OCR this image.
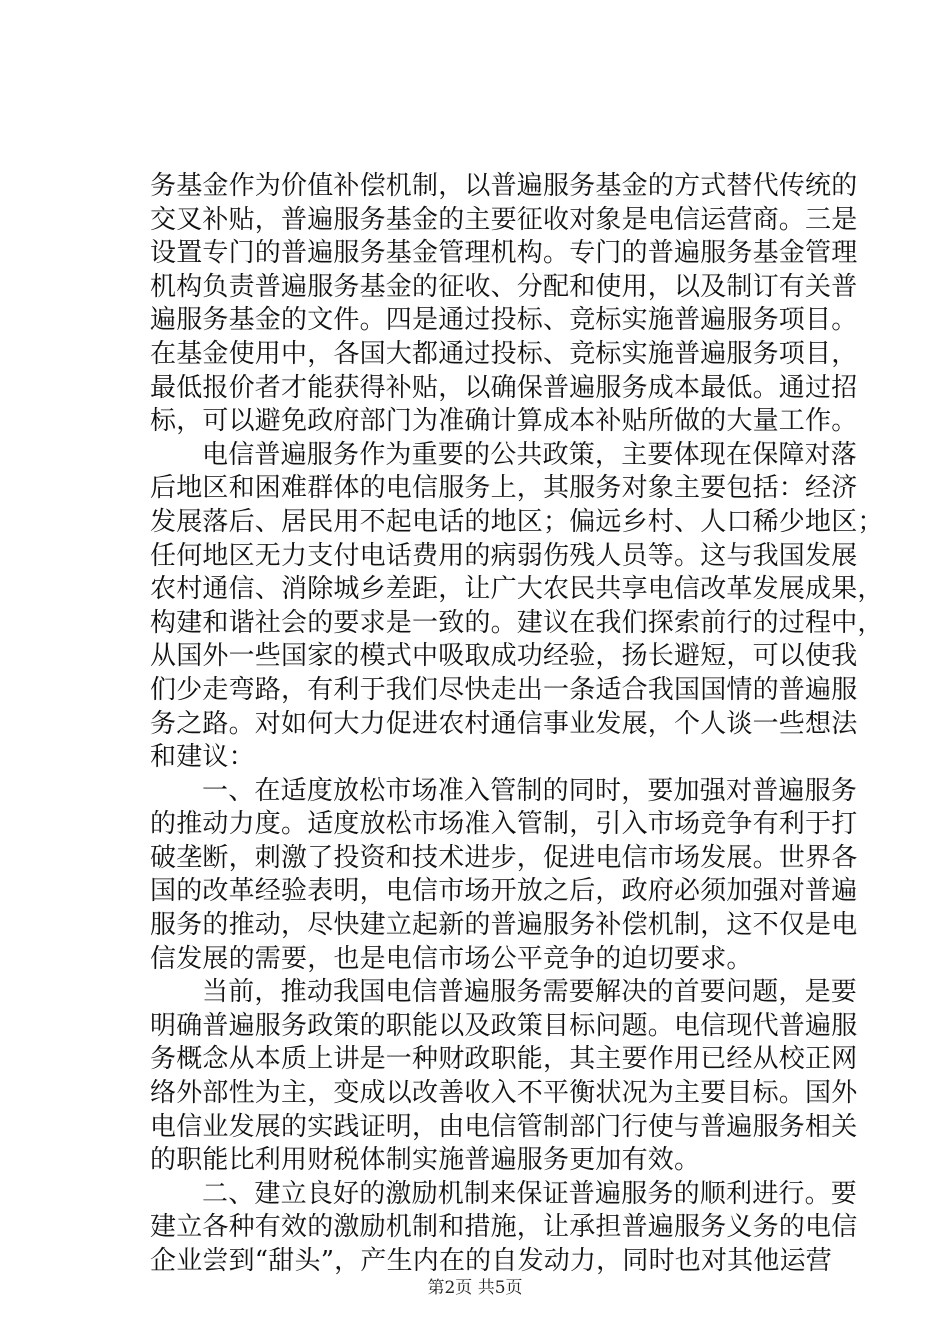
务基金作为价值补偿机制，以普遍服务基金的方式替代传统的
交叉补贴，普遍服务基金的主要征收对象是电信运营商。三是
设置专门的普遍服务基金管理机构。专门的普遍服务基金管理
机构负责普遍服务基金的征收、分配和使用，以及制订有关普
遍服务基金的文件。四是通过投标、竞标实施普遍服务项目。
在基金使用中，各国大都通过投标、竞标实施普遍服务项目，
最低报价者才能获得补贴，以确保普遍服务成本最低。通过招
标，可以避免政府部门为准确计算成本补贴所做的大量工作。
电信普遍服务作为重要的公共政策，主要体现在保障对落
后地区和困难群体的电信服务上，其服务对象主要包括：经济
发展落后、居民用不起电话的地区；偏远乡村、人口稀少地区；
任何地区无力支付电话费用的病弱伤残人员等。这与我国发展
农村通信、消除城乡差距，让广大农民共享电信改革发展成果，
构建和谐社会的要求是一致的。建议在我们探索前行的过程中，
从国外一些国家的模式中吸取成功经验，扬长避短，可以使我
们少走弯路，有利于我们尽快走出一条适合我国国情的普遍服
务之路。对如何大力促进农村通信事业发展，个人谈一些想法
和建议：
一、在适度放松市场准入管制的同时，要加强对普遍服务
的推动力度。适度放松市场准入管制，引入市场竞争有利于打
破垄断，刺激了投资和技术进步，促进电信市场发展。世界各
国的改革经验表明，电信市场开放之后，政府必须加强对普遍
服务的推动，尽快建立起新的普遍服务补偿机制，这不仅是电
信发展的需要，也是电信市场公平竞争的迫切要求。
当前，推动我国电信普遍服务需要解决的首要问题，是要
明确普遍服务政策的职能以及政策目标问题。电信现代普遍服
务概念从本质上讲是一种财政职能，其主要作用已经从校正网
络外部性为主，变成以改善收入不平衡状况为主要目标。国外
电信业发展的实践证明，由电信管制部门行使与普遍服务相关
的职能比利用财税体制实施普遍服务更加有效。
二、建立良好的激励机制来保证普遍服务的顺利进行。要
建立各种有效的激励机制和措施，让承担普遍服务义务的电信
企业尝到“甜头”，产生内在的自发动力，同时也对其他运营
第2页 共5页
